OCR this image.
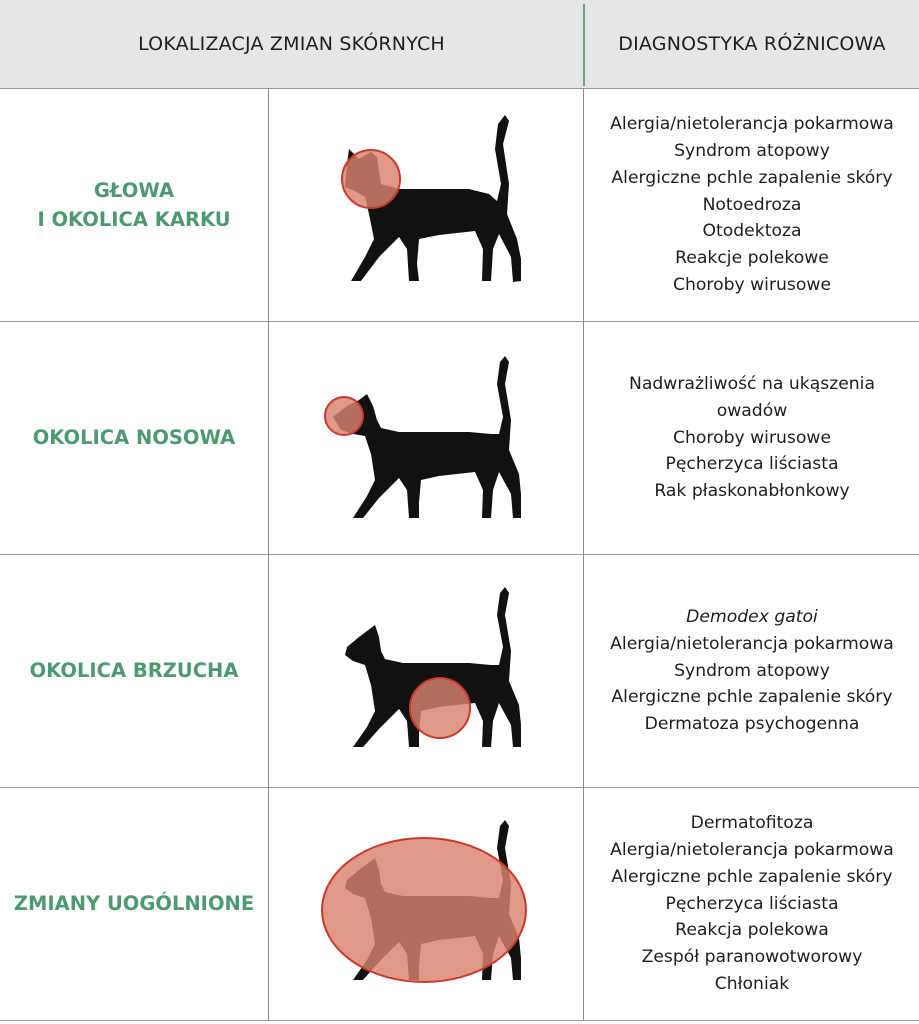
LOKALIZACJA ZMIAN SKÓRNYCH	DIAGNOSTYKA RÓŻNICOWA
GŁOWA
I OKOLICA KARKU
Alergia/nietolerancja pokarmowa
Syndrom atopowy
Alergiczne pchle zapalenie skóry
Notoedroza
Otodektoza
Reakcje polekowe
Choroby wirusowe
OKOLICA NOSOWA
Nadwrażliwość na ukąszenia
owadów
Choroby wirusowe
Pęcherzyca liściasta
Rak płaskonabłonkowy
OKOLICA BRZUCHA
Demodex gatoi
Alergia/nietolerancja pokarmowa
Syndrom atopowy
Alergiczne pchle zapalenie skóry
Dermatoza psychogenna
ZMIANY UOGÓLNIONE
Dermatofitoza
Alergia/nietolerancja pokarmowa
Alergiczne pchle zapalenie skóry
Pęcherzyca liściasta
Reakcja polekowa
Zespół paranowotworowy
Chłoniak
